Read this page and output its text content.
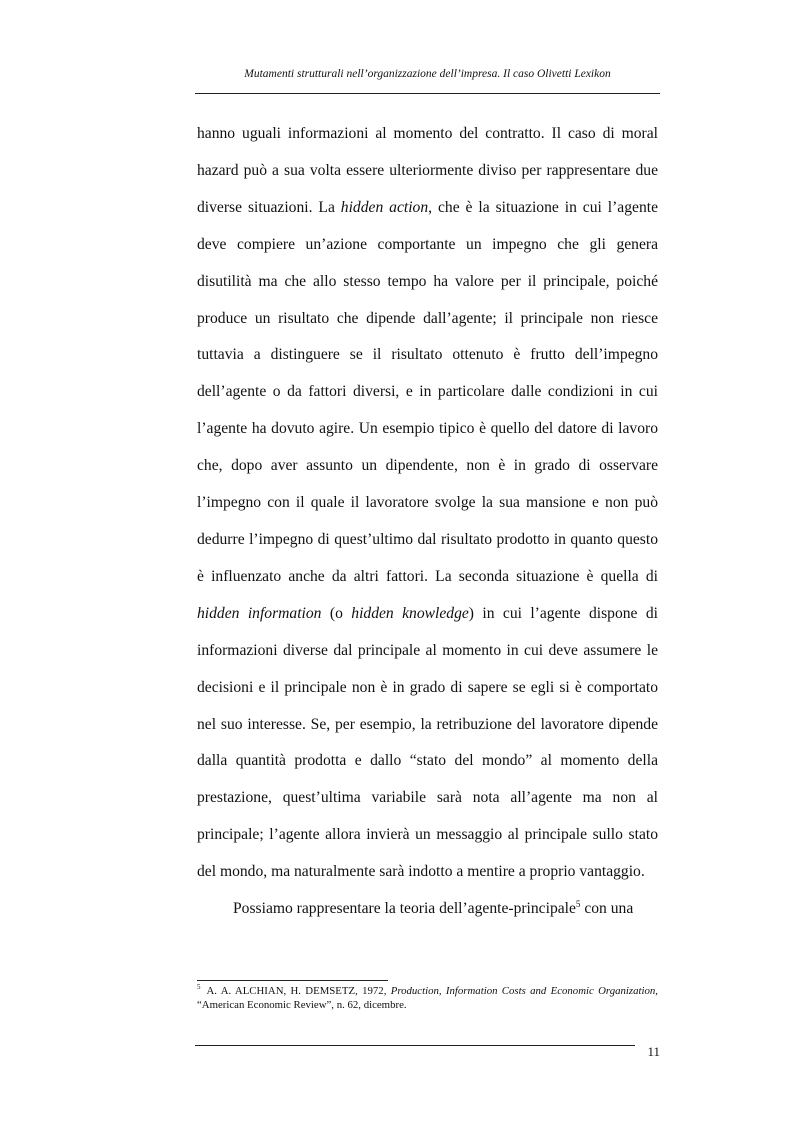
Mutamenti strutturali nell’organizzazione dell’impresa. Il caso Olivetti Lexikon

hanno uguali informazioni al momento del contratto. Il caso di moral hazard può a sua volta essere ulteriormente diviso per rappresentare due diverse situazioni. La hidden action, che è la situazione in cui l’agente deve compiere un’azione comportante un impegno che gli genera disutilità ma che allo stesso tempo ha valore per il principale, poiché produce un risultato che dipende dall’agente; il principale non riesce tuttavia a distinguere se il risultato ottenuto è frutto dell’impegno dell’agente o da fattori diversi, e in particolare dalle condizioni in cui l’agente ha dovuto agire. Un esempio tipico è quello del datore di lavoro che, dopo aver assunto un dipendente, non è in grado di osservare l’impegno con il quale il lavoratore svolge la sua mansione e non può dedurre l’impegno di quest’ultimo dal risultato prodotto in quanto questo è influenzato anche da altri fattori. La seconda situazione è quella di hidden information (o hidden knowledge) in cui l’agente dispone di informazioni diverse dal principale al momento in cui deve assumere le decisioni e il principale non è in grado di sapere se egli si è comportato nel suo interesse. Se, per esempio, la retribuzione del lavoratore dipende dalla quantità prodotta e dallo “stato del mondo” al momento della prestazione, quest’ultima variabile sarà nota all’agente ma non al principale; l’agente allora invierà un messaggio al principale sullo stato del mondo, ma naturalmente sarà indotto a mentire a proprio vantaggio.

Possiamo rappresentare la teoria dell’agente-principale$^5$ con una

$^5$ A. A. ALCHIAN, H. DEMSETZ, 1972, Production, Information Costs and Economic Organization, “American Economic Review”, n. 62, dicembre.

11
